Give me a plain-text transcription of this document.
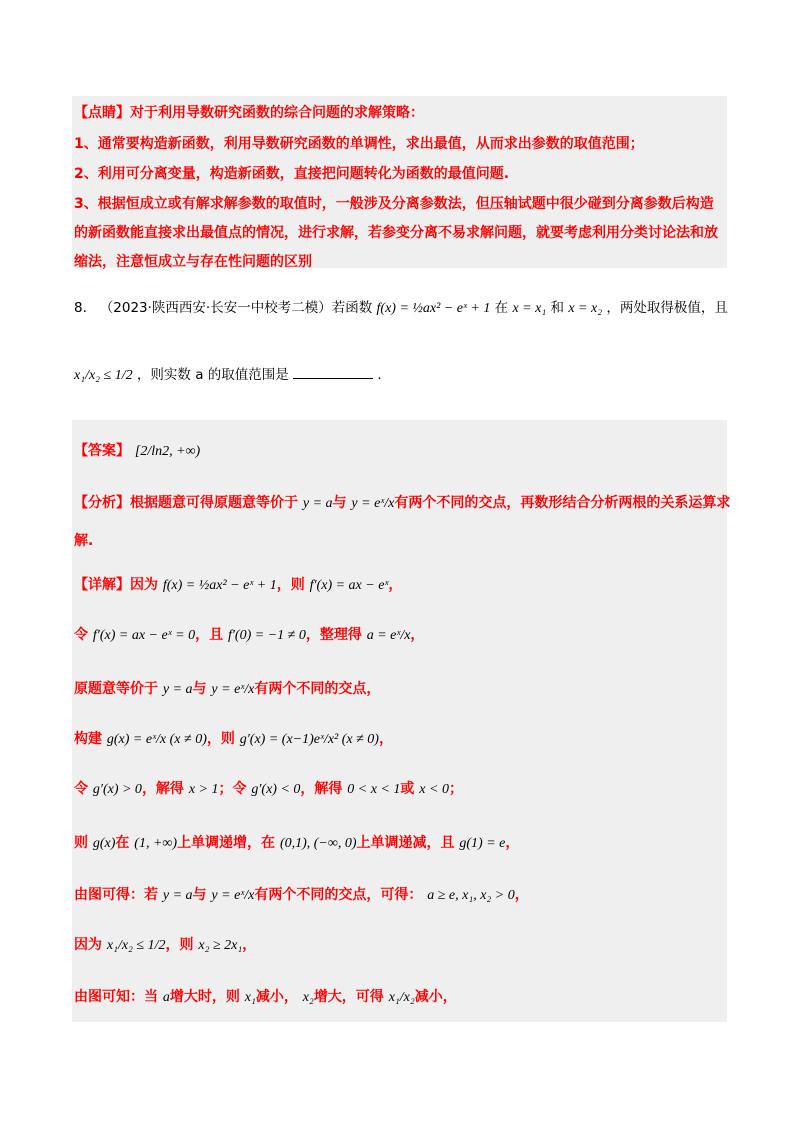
【点睛】对于利用导数研究函数的综合问题的求解策略：
1、通常要构造新函数，利用导数研究函数的单调性，求出最值，从而求出参数的取值范围；
2、利用可分离变量，构造新函数，直接把问题转化为函数的最值问题.
3、根据恒成立或有解求解参数的取值时，一般涉及分离参数法，但压轴试题中很少碰到分离参数后构造
的新函数能直接求出最值点的情况，进行求解，若参变分离不易求解问题，就要考虑利用分类讨论法和放
缩法，注意恒成立与存在性问题的区别
8. （2023·陕西西安·长安一中校考二模）若函数 f(x) = ½ax² − eˣ + 1 在 x = x₁ 和 x = x₂ ，两处取得极值，且
x₁/x₂ ≤ 1/2 ，则实数 a 的取值范围是	.
【答案】 [2/ln2, +∞)
【分析】根据题意可得原题意等价于 y = a与 y = eˣ/x有两个不同的交点，再数形结合分析两根的关系运算求
解.
【详解】因为 f(x) = ½ax² − eˣ + 1，则 f′(x) = ax − eˣ，
令 f′(x) = ax − eˣ = 0，且 f′(0) = −1 ≠ 0，整理得 a = eˣ/x，
原题意等价于 y = a与 y = eˣ/x有两个不同的交点，
构建 g(x) = eˣ/x (x ≠ 0)，则 g′(x) = (x−1)eˣ/x² (x ≠ 0)，
令 g′(x) > 0，解得 x > 1；令 g′(x) < 0，解得 0 < x < 1或 x < 0；
则 g(x)在 (1, +∞)上单调递增，在 (0,1), (−∞, 0)上单调递减，且 g(1) = e，
由图可得：若 y = a与 y = eˣ/x有两个不同的交点，可得： a ≥ e, x₁, x₂ > 0，
因为 x₁/x₂ ≤ 1/2，则 x₂ ≥ 2x₁，
由图可知：当 a增大时，则 x₁减小， x₂增大，可得 x₁/x₂减小，
